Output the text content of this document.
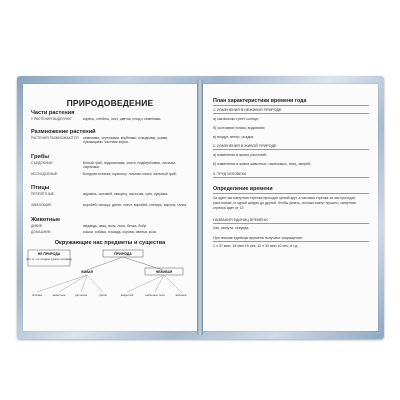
ПРИРОДОВЕДЕНИЕ
Части растения
У РАСТЕНИЯ ВЫДЕЛЯЮТ	корень, стебель, лист, цветок, плод с семенами.
Размножение растений
РАСТЕНИЯ РАЗМНОЖАЮТСЯ семенами, черенками, клубнями, отводками, усами, луковицами, частями корня.
Грибы
СЪЕДОБНЫЕ:	Белый гриб, подосиновик, опята, подберёзовик, лисички, сыроежки.
НЕСЪЕДОБНЫЕ:	Бледная поганка, мухомор, ложные опята, желчный гриб.
Птицы
ПЕРЕЛЁТНЫЕ:	журавль, соловей, скворец, ласточка, грач, кукушка.
ЗИМУЮЩИЕ:	воробей, синица, дятел, клест, воробей, снегирь, ворона, галка.
Животные
ДИКИЕ:	медведь, заяц, волк, лиса, белка, бобр.
ДОМАШНИЕ:	кошка, собака, лошадь, корова, свинья, коза.
Окружающие нас предметы и существа
НЕ ПРИРОДА
(все то, что создано руками человека)
ПРИРОДА
ЖИВАЯ	НЕЖИВАЯ
человек	животные	растения	грибы	вещества	небесные тела	явления
План характеристики времени года
1. ИЗМЕНЕНИЯ В НЕЖИВОЙ ПРИРОДЕ:
а) как высоко греет солнце;
б) состояние почвы, водоемов;
в) воздух, ветер, осадки.
2. ИЗМЕНЕНИЯ В ЖИВОЙ ПРИРОДЕ:
а) изменения в жизни растений;
б) изменения в жизни животных: насекомых, птиц, зверей.
3. ТРУД ЧЕЛОВЕКА
Определение времени
За один час минутная стрелка проходит целый круг, а часовая стрелка за час проходит расстояние от одной цифры до другой. Чтобы узнать, сколько минут прошло, минутная стрелка идет от 12.
НАЗВАНИЯ ЕДИНИЦ ВРЕМЕНИ
Час, минута, секунда.
При письме единицы времени получают сокращение:
1 ч 47 мин; 18 мин 15 сек; 12 ч 30 мин 10 сек; и т.д.
